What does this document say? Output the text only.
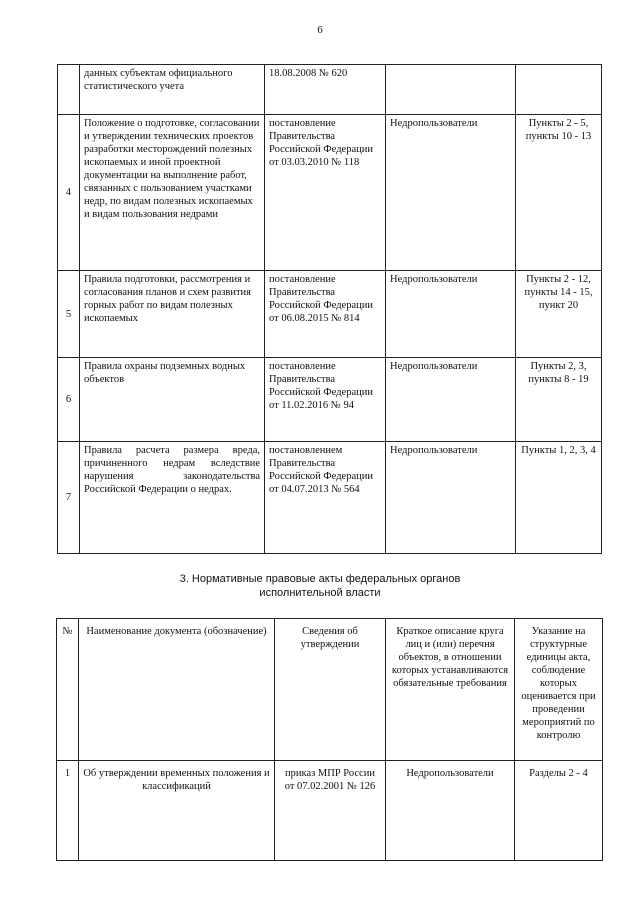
6
	данных субъектам официального статистического учета	18.08.2008 № 620		
4	Положение о подготовке, согласовании и утверждении технических проектов разработки месторождений полезных ископаемых и иной проектной документации на выполнение работ, связанных с пользованием участками недр, по видам полезных ископаемых и видам пользования недрами	постановление Правительства Российской Федерации от 03.03.2010 № 118	Недропользователи	Пункты 2 - 5, пункты 10 - 13
5	Правила подготовки, рассмотрения и согласования планов и схем развития горных работ по видам полезных ископаемых	постановление Правительства Российской Федерации от 06.08.2015 № 814	Недропользователи	Пункты 2 - 12, пункты 14 - 15, пункт 20
6	Правила охраны подземных водных объектов	постановление Правительства Российской Федерации от 11.02.2016 № 94	Недропользователи	Пункты 2, 3, пункты 8 - 19
7	Правила расчета размера вреда, причиненного недрам вследствие нарушения законодательства Российской Федерации о недрах.	постановлением Правительства Российской Федерации от 04.07.2013 № 564	Недропользователи	Пункты 1, 2, 3, 4
3. Нормативные правовые акты федеральных органов
исполнительной власти
№	Наименование документа (обозначение)	Сведения об утверждении	Краткое описание круга лиц и (или) перечня объектов, в отношении которых устанавливаются обязательные требования	Указание на структурные единицы акта, соблюдение которых оценивается при проведении мероприятий по контролю
1	Об утверждении временных положения и классификаций	приказ МПР России от 07.02.2001 № 126	Недропользователи	Разделы 2 - 4
